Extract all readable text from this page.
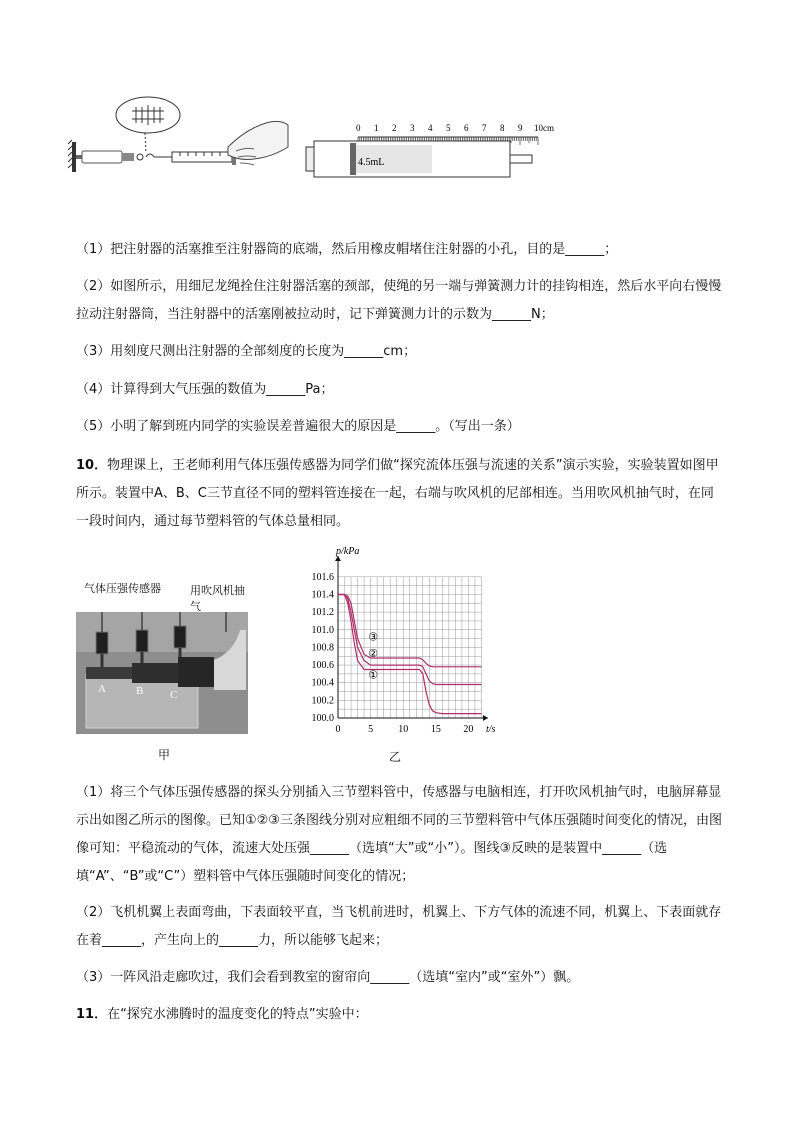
0 1 2 3 4 5 6 7 8 9 10cm
4.5mL

（1）把注射器的活塞推至注射器筒的底端，然后用橡皮帽堵住注射器的小孔，目的是______；

（2）如图所示，用细尼龙绳拴住注射器活塞的颈部，使绳的另一端与弹簧测力计的挂钩相连，然后水平向右慢慢拉动注射器筒，当注射器中的活塞刚被拉动时，记下弹簧测力计的示数为______N；

（3）用刻度尺测出注射器的全部刻度的长度为______cm；

（4）计算得到大气压强的数值为______Pa；

（5）小明了解到班内同学的实验误差普遍很大的原因是______。（写出一条）

10．物理课上，王老师利用气体压强传感器为同学们做“探究流体压强与流速的关系”演示实验，实验装置如图甲所示。装置中A、B、C三节直径不同的塑料管连接在一起，右端与吹风机的尼部相连。当用吹风机抽气时，在同一段时间内，通过每节塑料管的气体总量相同。

A	B C
气体压强传感器	用吹风机抽气
甲
0	5	10 15 20
100.0
100.2
100.4
100.6
100.8
101.0
101.2
101.4
101.6
t/s
p/kPa
①
②
③
乙

（1）将三个气体压强传感器的探头分别插入三节塑料管中，传感器与电脑相连，打开吹风机抽气时，电脑屏幕显示出如图乙所示的图像。已知①②③三条图线分别对应粗细不同的三节塑料管中气体压强随时间变化的情况，由图像可知：平稳流动的气体，流速大处压强______（选填“大”或“小”）。图线③反映的是装置中______（选填“A”、“B”或“C”）塑料管中气体压强随时间变化的情况；

（2）飞机机翼上表面弯曲，下表面较平直，当飞机前进时，机翼上、下方气体的流速不同，机翼上、下表面就存在着______，产生向上的______力，所以能够飞起来；

（3）一阵风沿走廊吹过，我们会看到教室的窗帘向______（选填“室内”或“室外”）飘。

11．在“探究水沸腾时的温度变化的特点”实验中：
